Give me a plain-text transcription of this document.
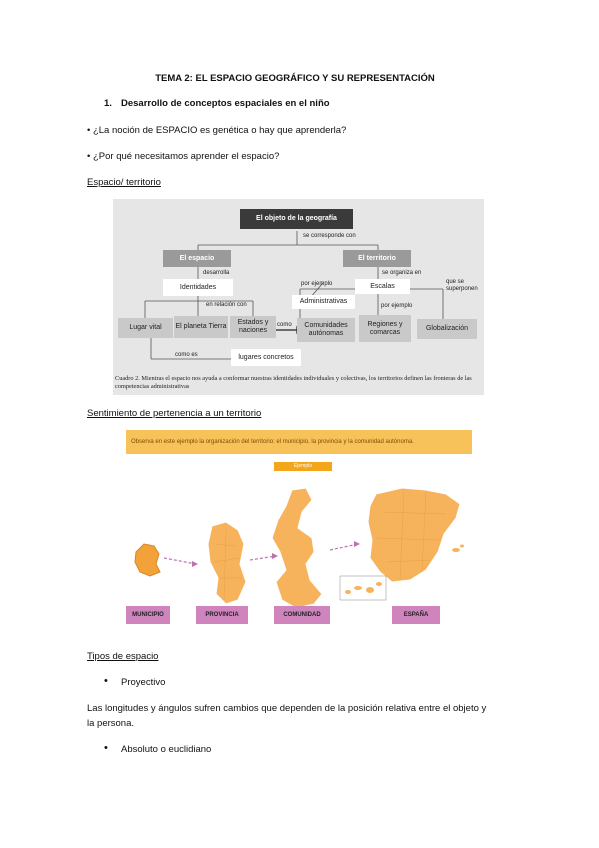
TEMA 2: EL ESPACIO GEOGRÁFICO Y SU REPRESENTACIÓN
1. Desarrollo de conceptos espaciales en el niño
• ¿La noción de ESPACIO es genética o hay que aprenderla?
• ¿Por qué necesitamos aprender el espacio?
Espacio/ territorio
El objeto de la geografía
se corresponde con
El espacio	El territorio
desarrolla
Identidades
en relación con
Lugar vital	El planeta Tierra
Estados y naciones
como
como es	lugares concretos
por ejemplo
Administrativas
se organiza en
Escalas
que se superponen
por ejemplo
Comunidades autónomas
Regiones y comarcas	Globalización
Cuadro 2. Mientras el espacio nos ayuda a conformar nuestras identidades individuales y colectivas, los territorios definen las fronteras de las competencias administrativas
Sentimiento de pertenencia a un territorio
Observa en este ejemplo la organización del territorio: el municipio, la provincia y la comunidad autónoma.
Ejemplo
MUNICIPIO	PROVINCIA	COMUNIDAD	ESPAÑA
Tipos de espacio
• Proyectivo
Las longitudes y ángulos sufren cambios que dependen de la posición relativa entre el objeto y
la persona.
• Absoluto o euclidiano
